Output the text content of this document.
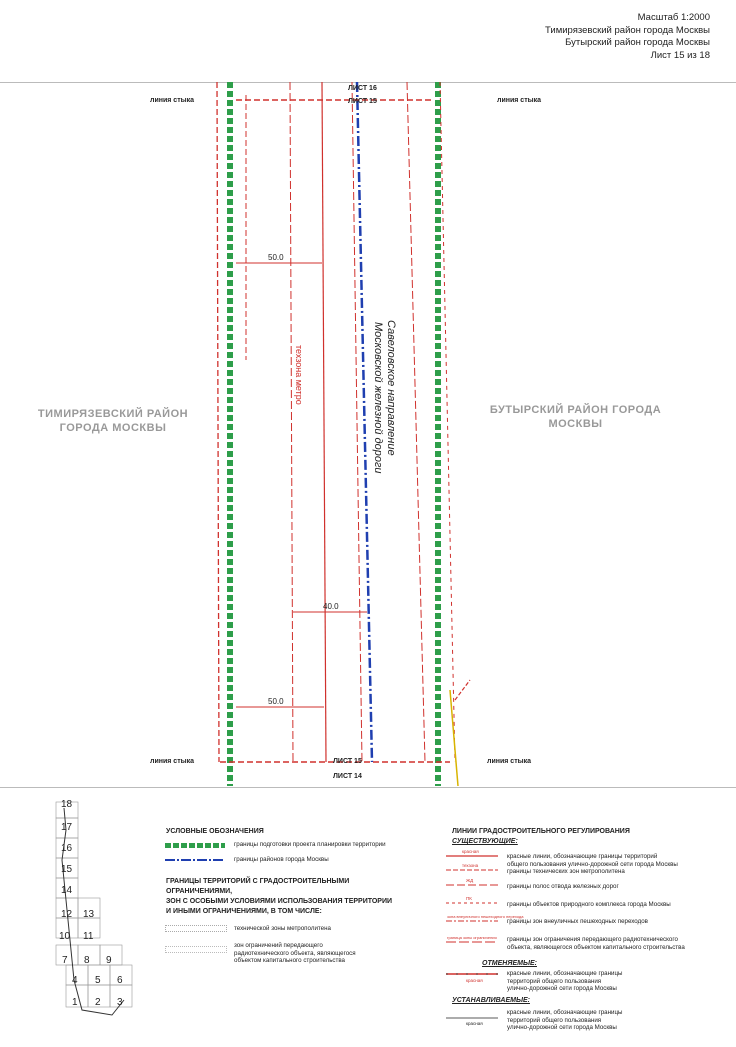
Масштаб 1:2000
Тимирязевский район города Москвы
Бутырский район города Москвы
Лист 15 из 18
ТИМИРЯЗЕВСКИЙ РАЙОН
ГОРОДА МОСКВЫ
БУТЫРСКИЙ РАЙОН ГОРОДА
МОСКВЫ
линия стыка	линия стыка
линия стыка	линия стыка
ЛИСТ 16
ЛИСТ 15
ЛИСТ 15
ЛИСТ 14
50.0
40.0
50.0
Савеловское направление
Московской железной дороги
техзона метро
18
17
16
15
14
12 13
10 11
7 8 9
4 5 6
1 2 3
УСЛОВНЫЕ ОБОЗНАЧЕНИЯ
границы подготовки проекта планировки территории
границы районов города Москвы
ГРАНИЦЫ ТЕРРИТОРИЙ С ГРАДОСТРОИТЕЛЬНЫМИ
ОГРАНИЧЕНИЯМИ,
ЗОН С ОСОБЫМИ УСЛОВИЯМИ ИСПОЛЬЗОВАНИЯ ТЕРРИТОРИИ
И ИНЫМИ ОГРАНИЧЕНИЯМИ, В ТОМ ЧИСЛЕ:
технической зоны метрополитена
зон ограничений передающего
радиотехнического объекта, являющегося
объектом капитального строительства
ЛИНИИ ГРАДОСТРОИТЕЛЬНОГО РЕГУЛИРОВАНИЯ
СУЩЕСТВУЮЩИЕ:
красная
техзона
ЖД
ПК
зона внеуличного пешеходного перехода
граница зоны ограничения
красная
красная
красные линии, обозначающие границы территорий
общего пользования улично-дорожной сети города Москвы
границы технических зон метрополитена
границы полос отвода железных дорог
границы объектов природного комплекса города Москвы
границы зон внеуличных пешеходных переходов
границы зон ограничения передающего радиотехнического
объекта, являющегося объектом капитального строительства
ОТМЕНЯЕМЫЕ:
красные линии, обозначающие границы
территорий общего пользования
улично-дорожной сети города Москвы
УСТАНАВЛИВАЕМЫЕ:
красные линии, обозначающие границы
территорий общего пользования
улично-дорожной сети города Москвы
